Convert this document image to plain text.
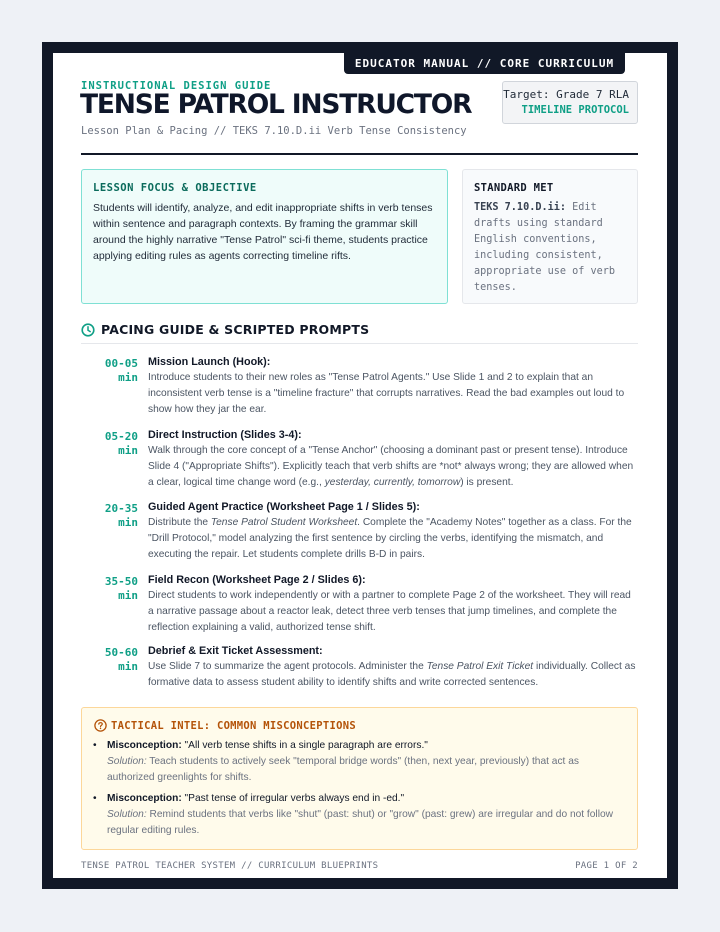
EDUCATOR MANUAL // CORE CURRICULUM
INSTRUCTIONAL DESIGN GUIDE
TENSE PATROL INSTRUCTOR
Lesson Plan & Pacing // TEKS 7.10.D.ii Verb Tense Consistency
Target: Grade 7 RLA
TIMELINE PROTOCOL
LESSON FOCUS & OBJECTIVE
Students will identify, analyze, and edit inappropriate shifts in verb tenses within sentence and paragraph contexts. By framing the grammar skill around the highly narrative "Tense Patrol" sci-fi theme, students practice applying editing rules as agents correcting timeline rifts.
STANDARD MET
TEKS 7.10.D.ii: Edit drafts using standard English conventions, including consistent, appropriate use of verb tenses.
PACING GUIDE & SCRIPTED PROMPTS
00-05
min
Mission Launch (Hook):
Introduce students to their new roles as "Tense Patrol Agents." Use Slide 1 and 2 to explain that an inconsistent verb tense is a "timeline fracture" that corrupts narratives. Read the bad examples out loud to show how they jar the ear.
05-20
min
Direct Instruction (Slides 3-4):
Walk through the core concept of a "Tense Anchor" (choosing a dominant past or present tense). Introduce Slide 4 ("Appropriate Shifts"). Explicitly teach that verb shifts are *not* always wrong; they are allowed when a clear, logical time change word (e.g., yesterday, currently, tomorrow) is present.
20-35
min
Guided Agent Practice (Worksheet Page 1 / Slides 5):
Distribute the Tense Patrol Student Worksheet. Complete the "Academy Notes" together as a class. For the "Drill Protocol," model analyzing the first sentence by circling the verbs, identifying the mismatch, and executing the repair. Let students complete drills B-D in pairs.
35-50
min
Field Recon (Worksheet Page 2 / Slides 6):
Direct students to work independently or with a partner to complete Page 2 of the worksheet. They will read a narrative passage about a reactor leak, detect three verb tenses that jump timelines, and complete the reflection explaining a valid, authorized tense shift.
50-60
min
Debrief & Exit Ticket Assessment:
Use Slide 7 to summarize the agent protocols. Administer the Tense Patrol Exit Ticket individually. Collect as formative data to assess student ability to identify shifts and write corrected sentences.
TACTICAL INTEL: COMMON MISCONCEPTIONS
• Misconception: "All verb tense shifts in a single paragraph are errors."
Solution: Teach students to actively seek "temporal bridge words" (then, next year, previously) that act as authorized greenlights for shifts.
• Misconception: "Past tense of irregular verbs always end in -ed."
Solution: Remind students that verbs like "shut" (past: shut) or "grow" (past: grew) are irregular and do not follow regular editing rules.
TENSE PATROL TEACHER SYSTEM // CURRICULUM BLUEPRINTS	PAGE 1 OF 2
